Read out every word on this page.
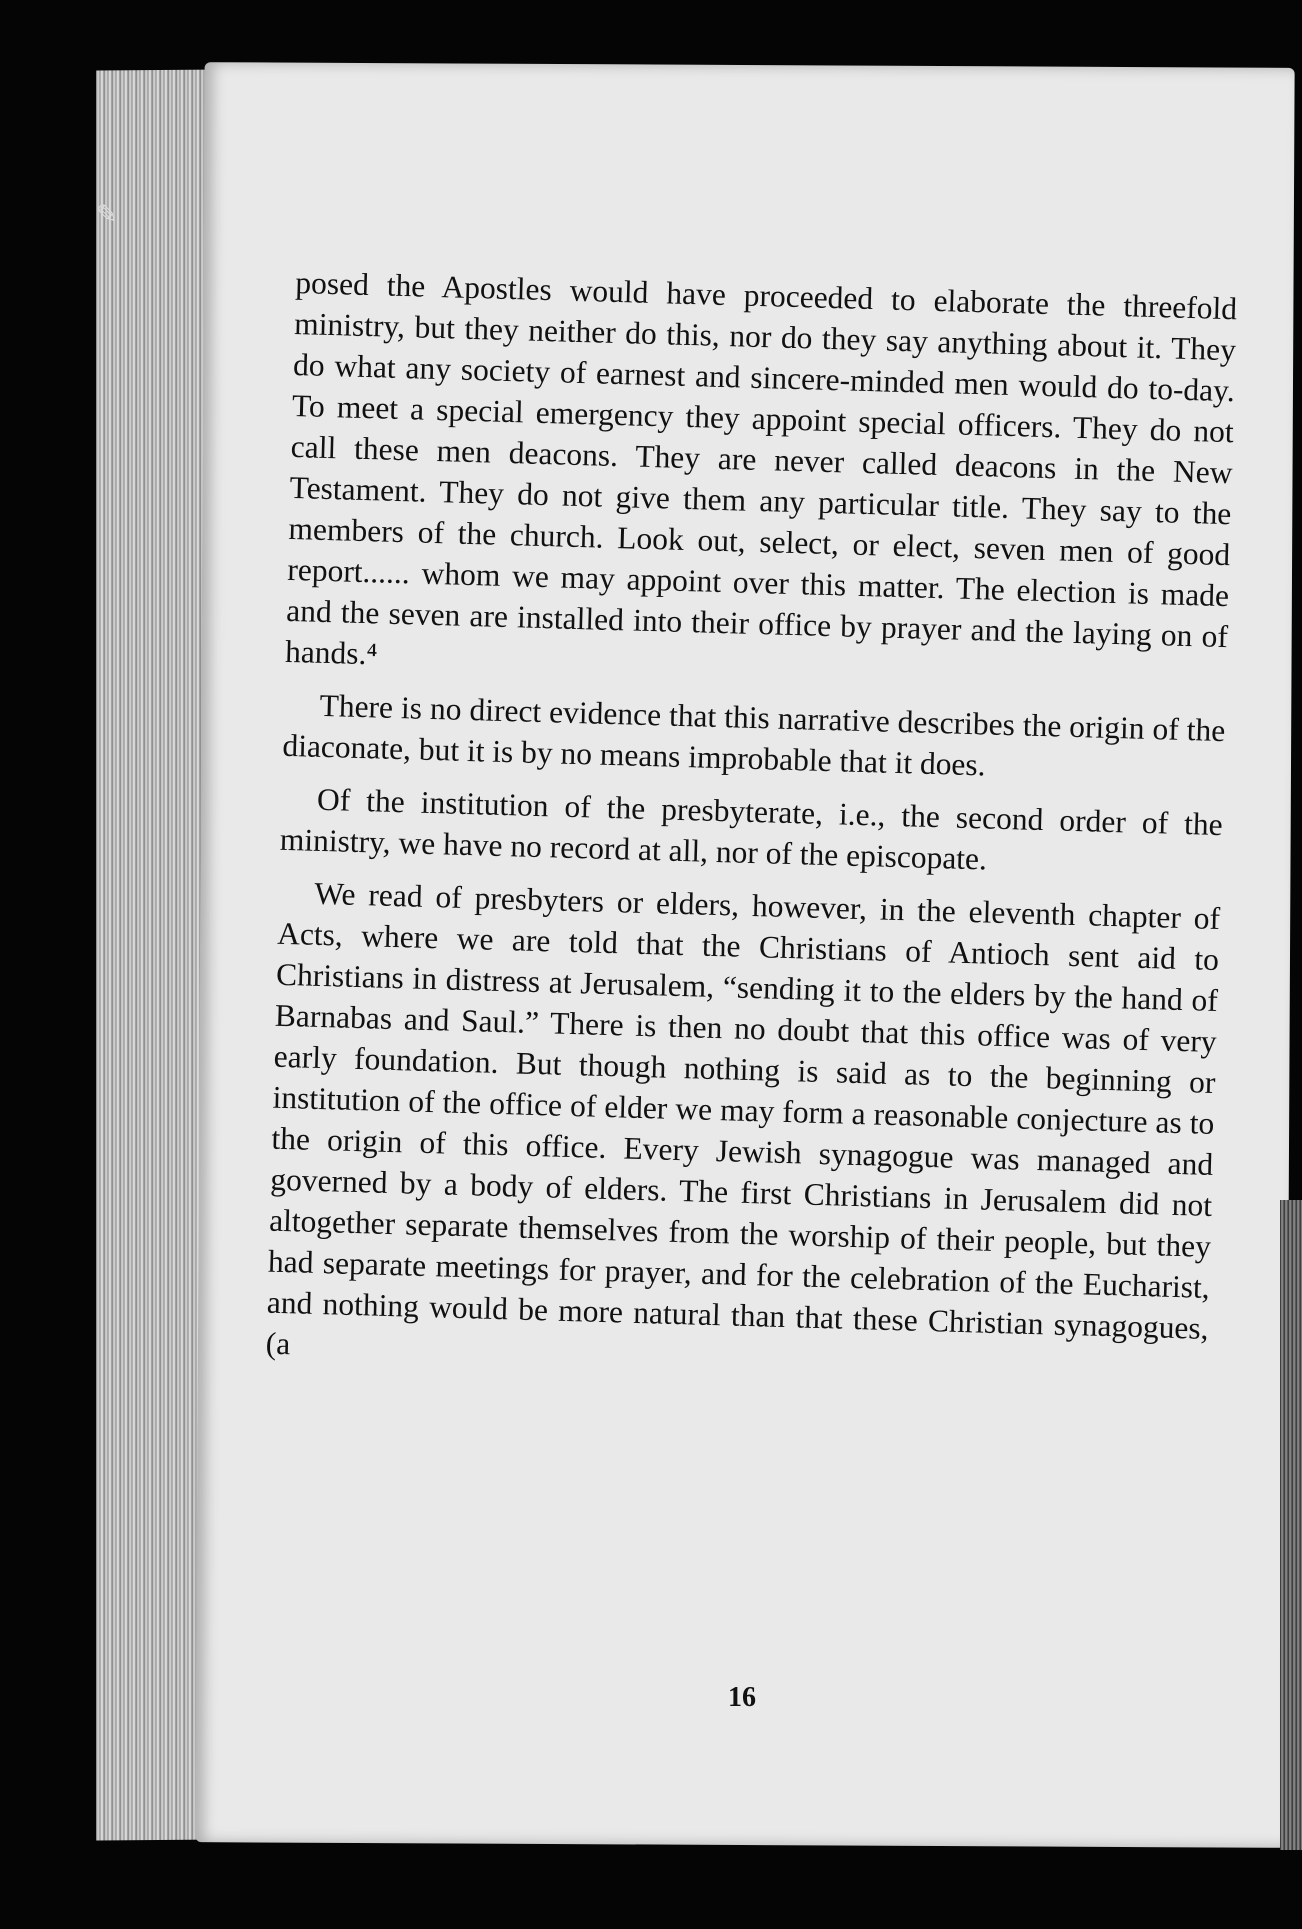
✎

posed the Apostles would have proceeded to elaborate the threefold ministry, but they neither do this, nor do they say anything about it. They do what any society of earnest and sincere-minded men would do to-day. To meet a special emergency they appoint special officers. They do not call these men deacons. They are never called deacons in the New Testament. They do not give them any particular title. They say to the members of the church. Look out, select, or elect, seven men of good report...... whom we may appoint over this matter. The election is made and the seven are installed into their office by prayer and the laying on of hands.⁴

There is no direct evidence that this narrative describes the origin of the diaconate, but it is by no means improbable that it does.

Of the institution of the presbyterate, i.e., the second order of the ministry, we have no record at all, nor of the episcopate.

We read of presbyters or elders, however, in the eleventh chapter of Acts, where we are told that the Christians of Antioch sent aid to Christians in distress at Jerusalem, “sending it to the elders by the hand of Barnabas and Saul.” There is then no doubt that this office was of very early foundation. But though nothing is said as to the beginning or institution of the office of elder we may form a reasonable conjecture as to the origin of this office. Every Jewish synagogue was managed and governed by a body of elders. The first Christians in Jerusalem did not altogether separate themselves from the worship of their people, but they had separate meetings for prayer, and for the celebration of the Eucharist, and nothing would be more natural than that these Christian synagogues, (a

16
